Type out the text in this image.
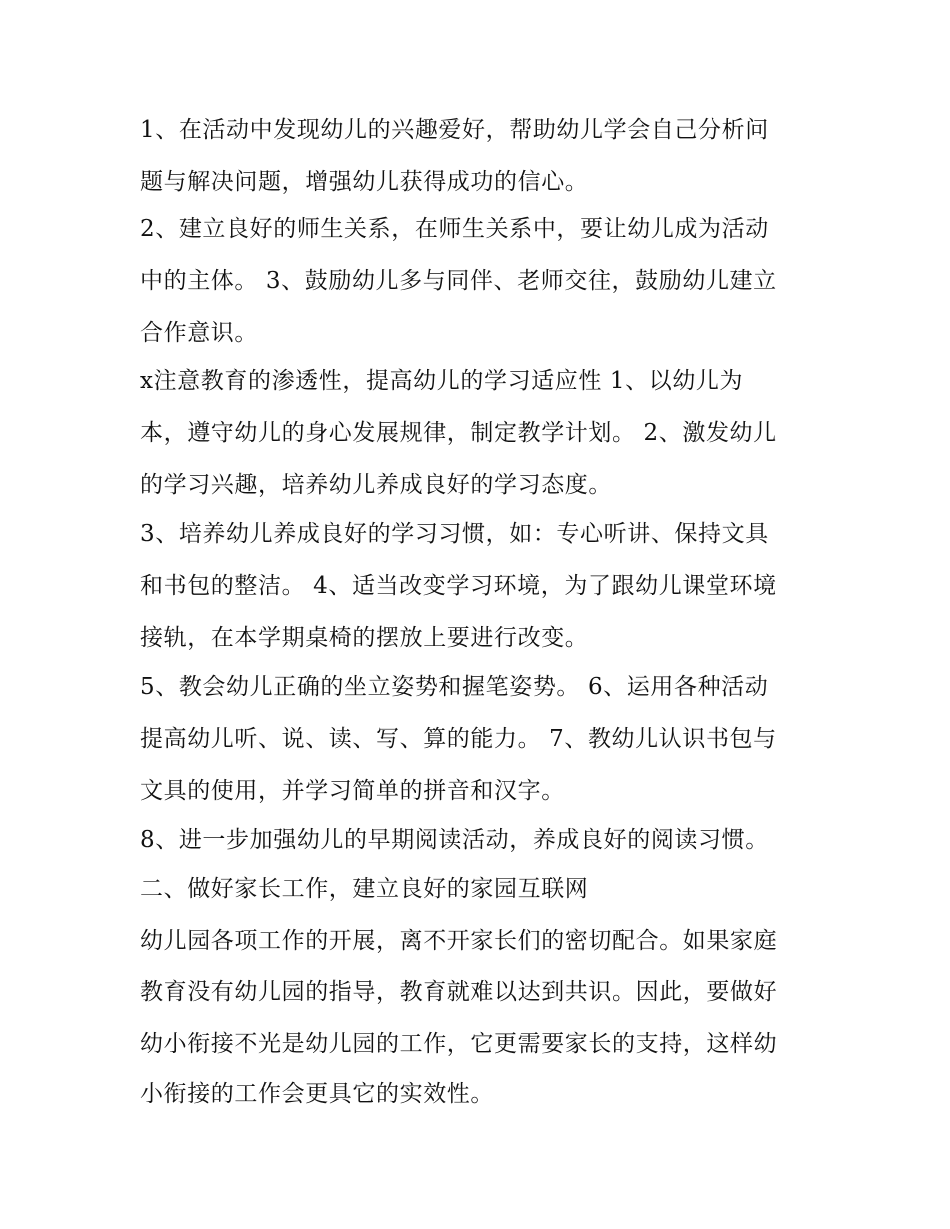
1、在活动中发现幼儿的兴趣爱好，帮助幼儿学会自己分析问
题与解决问题，增强幼儿获得成功的信心。
2、建立良好的师生关系，在师生关系中，要让幼儿成为活动
中的主体。 3、鼓励幼儿多与同伴、老师交往，鼓励幼儿建立
合作意识。
x注意教育的渗透性，提高幼儿的学习适应性 1、以幼儿为
本，遵守幼儿的身心发展规律，制定教学计划。 2、激发幼儿
的学习兴趣，培养幼儿养成良好的学习态度。
3、培养幼儿养成良好的学习习惯，如：专心听讲、保持文具
和书包的整洁。 4、适当改变学习环境，为了跟幼儿课堂环境
接轨，在本学期桌椅的摆放上要进行改变。
5、教会幼儿正确的坐立姿势和握笔姿势。 6、运用各种活动
提高幼儿听、说、读、写、算的能力。 7、教幼儿认识书包与
文具的使用，并学习简单的拼音和汉字。
8、进一步加强幼儿的早期阅读活动，养成良好的阅读习惯。
二、做好家长工作，建立良好的家园互联网
幼儿园各项工作的开展，离不开家长们的密切配合。如果家庭
教育没有幼儿园的指导，教育就难以达到共识。因此，要做好
幼小衔接不光是幼儿园的工作，它更需要家长的支持，这样幼
小衔接的工作会更具它的实效性。
